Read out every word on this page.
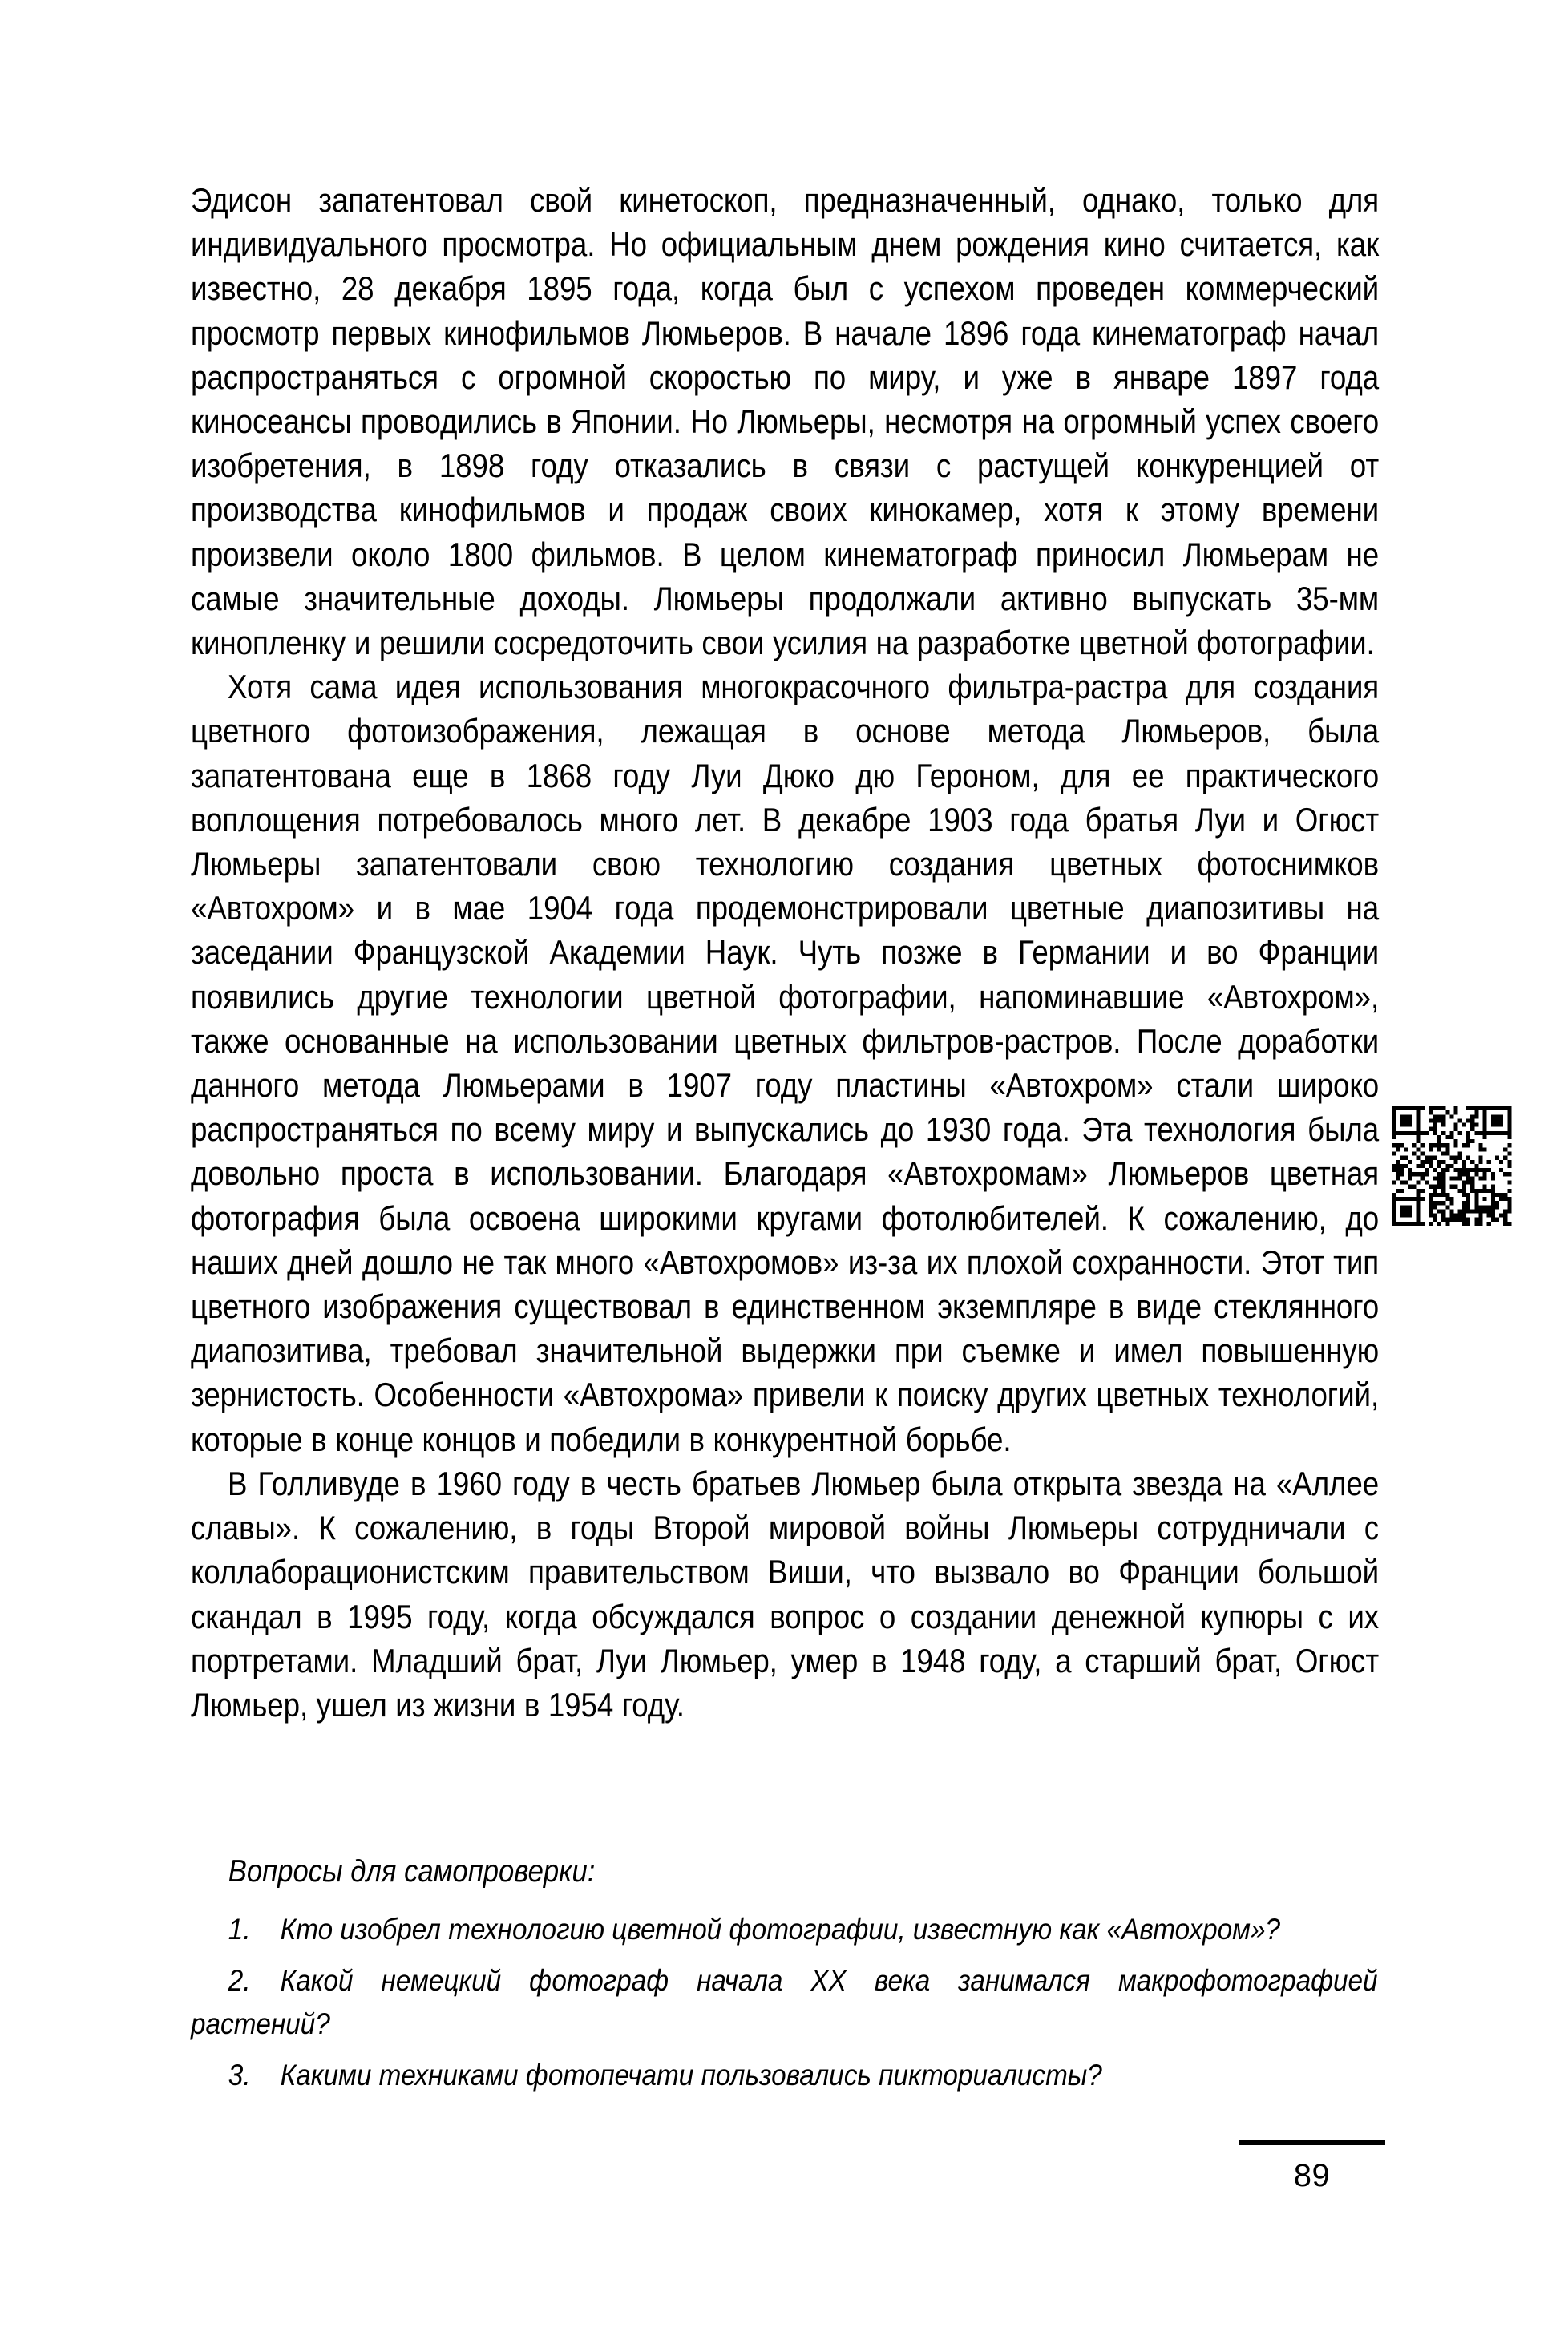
Эдисон запатентовал свой кинетоскоп, предназначенный, однако, только для индивидуального просмотра. Но официальным днем рождения кино считается, как известно, 28 декабря 1895 года, когда был с успехом проведен коммерческий просмотр первых кинофильмов Люмьеров. В начале 1896 года кинематограф начал распространяться с огромной скоростью по миру, и уже в январе 1897 года киносеансы проводились в Японии. Но Люмьеры, несмотря на огромный успех своего изобретения, в 1898 году отказались в связи с растущей конкуренцией от производства кинофильмов и продаж своих кинокамер, хотя к этому времени произвели около 1800 фильмов. В целом кинематограф приносил Люмьерам не самые значительные доходы. Люмьеры продолжали активно выпускать 35-мм кинопленку и решили сосредоточить свои усилия на разработке цветной фотографии.

Хотя сама идея использования многокрасочного фильтра-растра для создания цветного фотоизображения, лежащая в основе метода Люмьеров, была запатентована еще в 1868 году Луи Дюко дю Героном, для ее практического воплощения потребовалось много лет. В декабре 1903 года братья Луи и Огюст Люмьеры запатентовали свою технологию создания цветных фотоснимков «Автохром» и в мае 1904 года продемонстрировали цветные диапозитивы на заседании Французской Академии Наук. Чуть позже в Германии и во Франции появились другие технологии цветной фотографии, напоминавшие «Автохром», также основанные на использовании цветных фильтров-растров. После доработки данного метода Люмьерами в 1907 году пластины «Автохром» стали широко распространяться по всему миру и выпускались до 1930 года. Эта технология была довольно проста в использовании. Благодаря «Автохромам» Люмьеров цветная фотография была освоена широкими кругами фотолюбителей. К сожалению, до наших дней дошло не так много «Автохромов» из-за их плохой сохранности. Этот тип цветного изображения существовал в единственном экземпляре в виде стеклянного диапозитива, требовал значительной выдержки при съемке и имел повышенную зернистость. Особенности «Автохрома» привели к поиску других цветных технологий, которые в конце концов и победили в конкурентной борьбе.

В Голливуде в 1960 году в честь братьев Люмьер была открыта звезда на «Аллее славы». К сожалению, в годы Второй мировой войны Люмьеры сотрудничали с коллаборационистским правительством Виши, что вызвало во Франции большой скандал в 1995 году, когда обсуждался вопрос о создании денежной купюры с их портретами. Младший брат, Луи Люмьер, умер в 1948 году, а старший брат, Огюст Люмьер, ушел из жизни в 1954 году.

Вопросы для самопроверки:

1. Кто изобрел технологию цветной фотографии, известную как «Автохром»?

2. Какой немецкий фотограф начала XX века занимался макрофотографией растений?

3. Какими техниками фотопечати пользовались пикториалисты?

89
